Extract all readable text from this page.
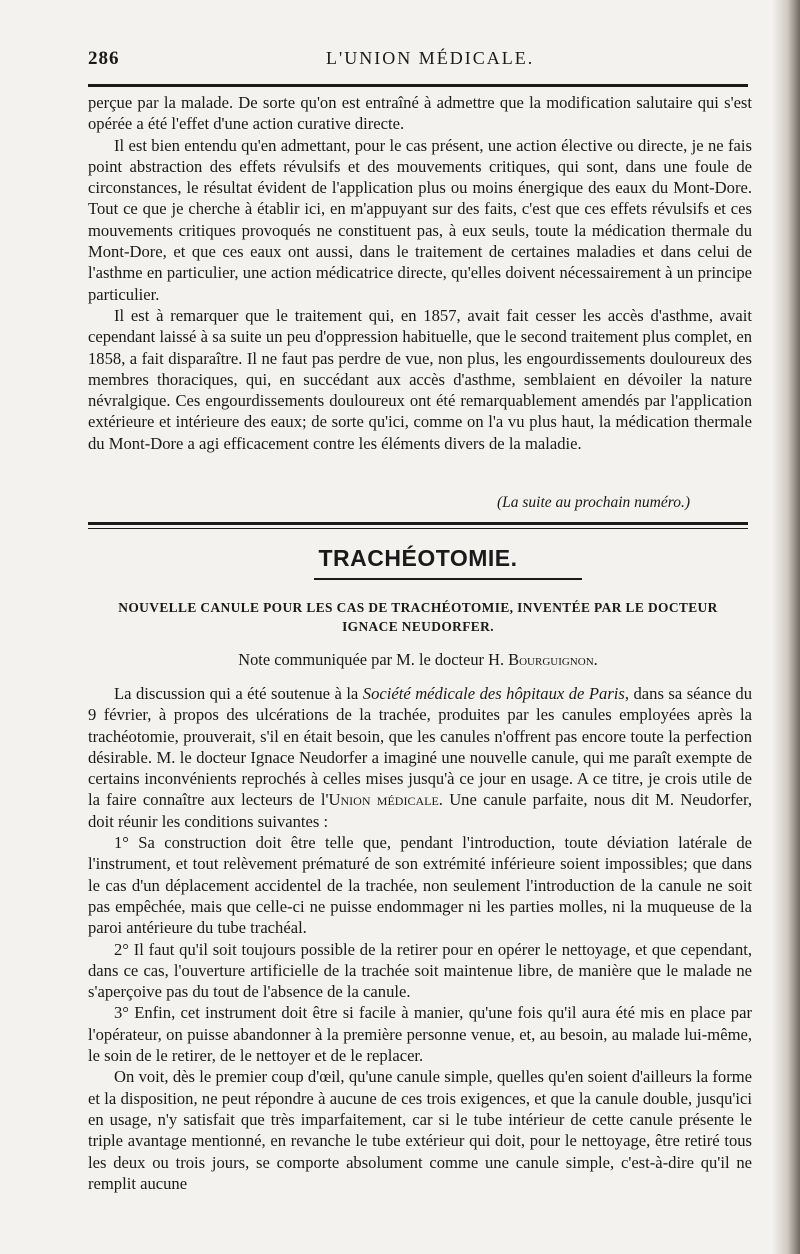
286	L'UNION MÉDICALE.

perçue par la malade. De sorte qu'on est entraîné à admettre que la modification salutaire qui s'est opérée a été l'effet d'une action curative directe.

Il est bien entendu qu'en admettant, pour le cas présent, une action élective ou directe, je ne fais point abstraction des effets révulsifs et des mouvements critiques, qui sont, dans une foule de circonstances, le résultat évident de l'application plus ou moins énergique des eaux du Mont-Dore. Tout ce que je cherche à établir ici, en m'appuyant sur des faits, c'est que ces effets révulsifs et ces mouvements critiques provoqués ne constituent pas, à eux seuls, toute la médication thermale du Mont-Dore, et que ces eaux ont aussi, dans le traitement de certaines maladies et dans celui de l'asthme en particulier, une action médicatrice directe, qu'elles doivent nécessairement à un principe particulier.

Il est à remarquer que le traitement qui, en 1857, avait fait cesser les accès d'asthme, avait cependant laissé à sa suite un peu d'oppression habituelle, que le second traitement plus complet, en 1858, a fait disparaître. Il ne faut pas perdre de vue, non plus, les engourdissements douloureux des membres thoraciques, qui, en succédant aux accès d'asthme, semblaient en dévoiler la nature névralgique. Ces engourdissements douloureux ont été remarquablement amendés par l'application extérieure et intérieure des eaux; de sorte qu'ici, comme on l'a vu plus haut, la médication thermale du Mont-Dore a agi efficacement contre les éléments divers de la maladie.

(La suite au prochain numéro.)
TRACHÉOTOMIE.
NOUVELLE CANULE POUR LES CAS DE TRACHÉOTOMIE, INVENTÉE PAR LE DOCTEUR
IGNACE NEUDORFER.
Note communiquée par M. le docteur H. Bourguignon.

La discussion qui a été soutenue à la Société médicale des hôpitaux de Paris, dans sa séance du 9 février, à propos des ulcérations de la trachée, produites par les canules employées après la trachéotomie, prouverait, s'il en était besoin, que les canules n'offrent pas encore toute la perfection désirable. M. le docteur Ignace Neudorfer a imaginé une nouvelle canule, qui me paraît exempte de certains inconvénients reprochés à celles mises jusqu'à ce jour en usage. A ce titre, je crois utile de la faire connaître aux lecteurs de l'Union médicale. Une canule parfaite, nous dit M. Neudorfer, doit réunir les conditions suivantes :

1° Sa construction doit être telle que, pendant l'introduction, toute déviation latérale de l'instrument, et tout relèvement prématuré de son extrémité inférieure soient impossibles; que dans le cas d'un déplacement accidentel de la trachée, non seulement l'introduction de la canule ne soit pas empêchée, mais que celle-ci ne puisse endommager ni les parties molles, ni la muqueuse de la paroi antérieure du tube trachéal.

2° Il faut qu'il soit toujours possible de la retirer pour en opérer le nettoyage, et que cependant, dans ce cas, l'ouverture artificielle de la trachée soit maintenue libre, de manière que le malade ne s'aperçoive pas du tout de l'absence de la canule.

3° Enfin, cet instrument doit être si facile à manier, qu'une fois qu'il aura été mis en place par l'opérateur, on puisse abandonner à la première personne venue, et, au besoin, au malade lui-même, le soin de le retirer, de le nettoyer et de le replacer.

On voit, dès le premier coup d'œil, qu'une canule simple, quelles qu'en soient d'ailleurs la forme et la disposition, ne peut répondre à aucune de ces trois exigences, et que la canule double, jusqu'ici en usage, n'y satisfait que très imparfaitement, car si le tube intérieur de cette canule présente le triple avantage mentionné, en revanche le tube extérieur qui doit, pour le nettoyage, être retiré tous les deux ou trois jours, se comporte absolument comme une canule simple, c'est-à-dire qu'il ne remplit aucune
